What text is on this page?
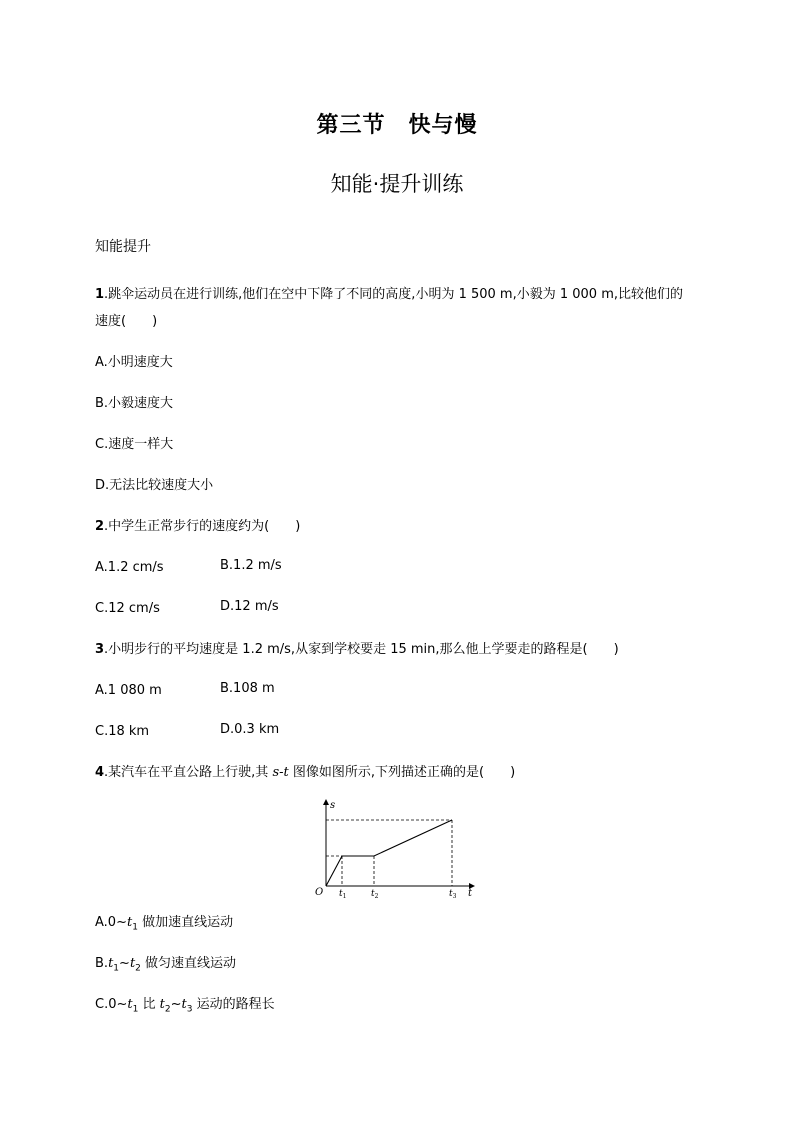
第三节　快与慢
知能·提升训练
知能提升
1.跳伞运动员在进行训练,他们在空中下降了不同的高度,小明为 1 500 m,小毅为 1 000 m,比较他们的
速度(　　)
A.小明速度大
B.小毅速度大
C.速度一样大
D.无法比较速度大小
2.中学生正常步行的速度约为(　　)
A.1.2 cm/s	B.1.2 m/s
C.12 cm/s	D.12 m/s
3.小明步行的平均速度是 1.2 m/s,从家到学校要走 15 min,那么他上学要走的路程是(　　)
A.1 080 m	B.108 m
C.18 km	D.0.3 km
4.某汽车在平直公路上行驶,其 s-t 图像如图所示,下列描述正确的是(　　)
s
t
O $t_1$	$t_2$	$t_3$
$A.0\sim t_1$ 做加速直线运动
$B.t_1\sim t_2$ 做匀速直线运动
$C.0\sim t_1$ 比 $t_2\sim t_3$ 运动的路程长
